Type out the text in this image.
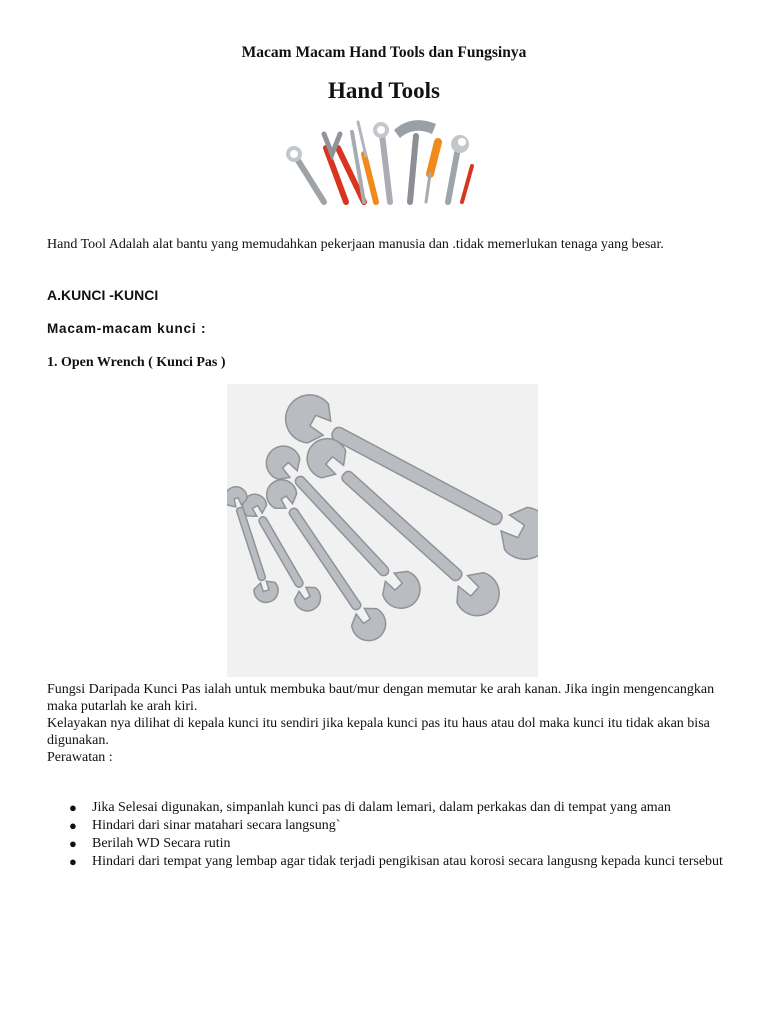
Macam Macam Hand Tools dan Fungsinya
Hand Tools

Hand Tool Adalah alat bantu yang memudahkan pekerjaan manusia dan .tidak memerlukan tenaga yang besar.

A.KUNCI -KUNCI
Macam-macam kunci :
1. Open Wrench ( Kunci Pas )

Fungsi Daripada Kunci Pas ialah untuk membuka baut/mur dengan memutar ke arah kanan. Jika ingin mengencangkan maka putarlah ke arah kiri.

Kelayakan nya dilihat di kepala kunci itu sendiri jika kepala kunci pas itu haus atau dol maka kunci itu tidak akan bisa digunakan.

Perawatan :

● Jika Selesai digunakan, simpanlah kunci pas di dalam lemari, dalam perkakas dan di tempat yang aman
● Hindari dari sinar matahari secara langsung`
● Berilah WD Secara rutin
● Hindari dari tempat yang lembap agar tidak terjadi pengikisan atau korosi secara langusng kepada kunci tersebut
